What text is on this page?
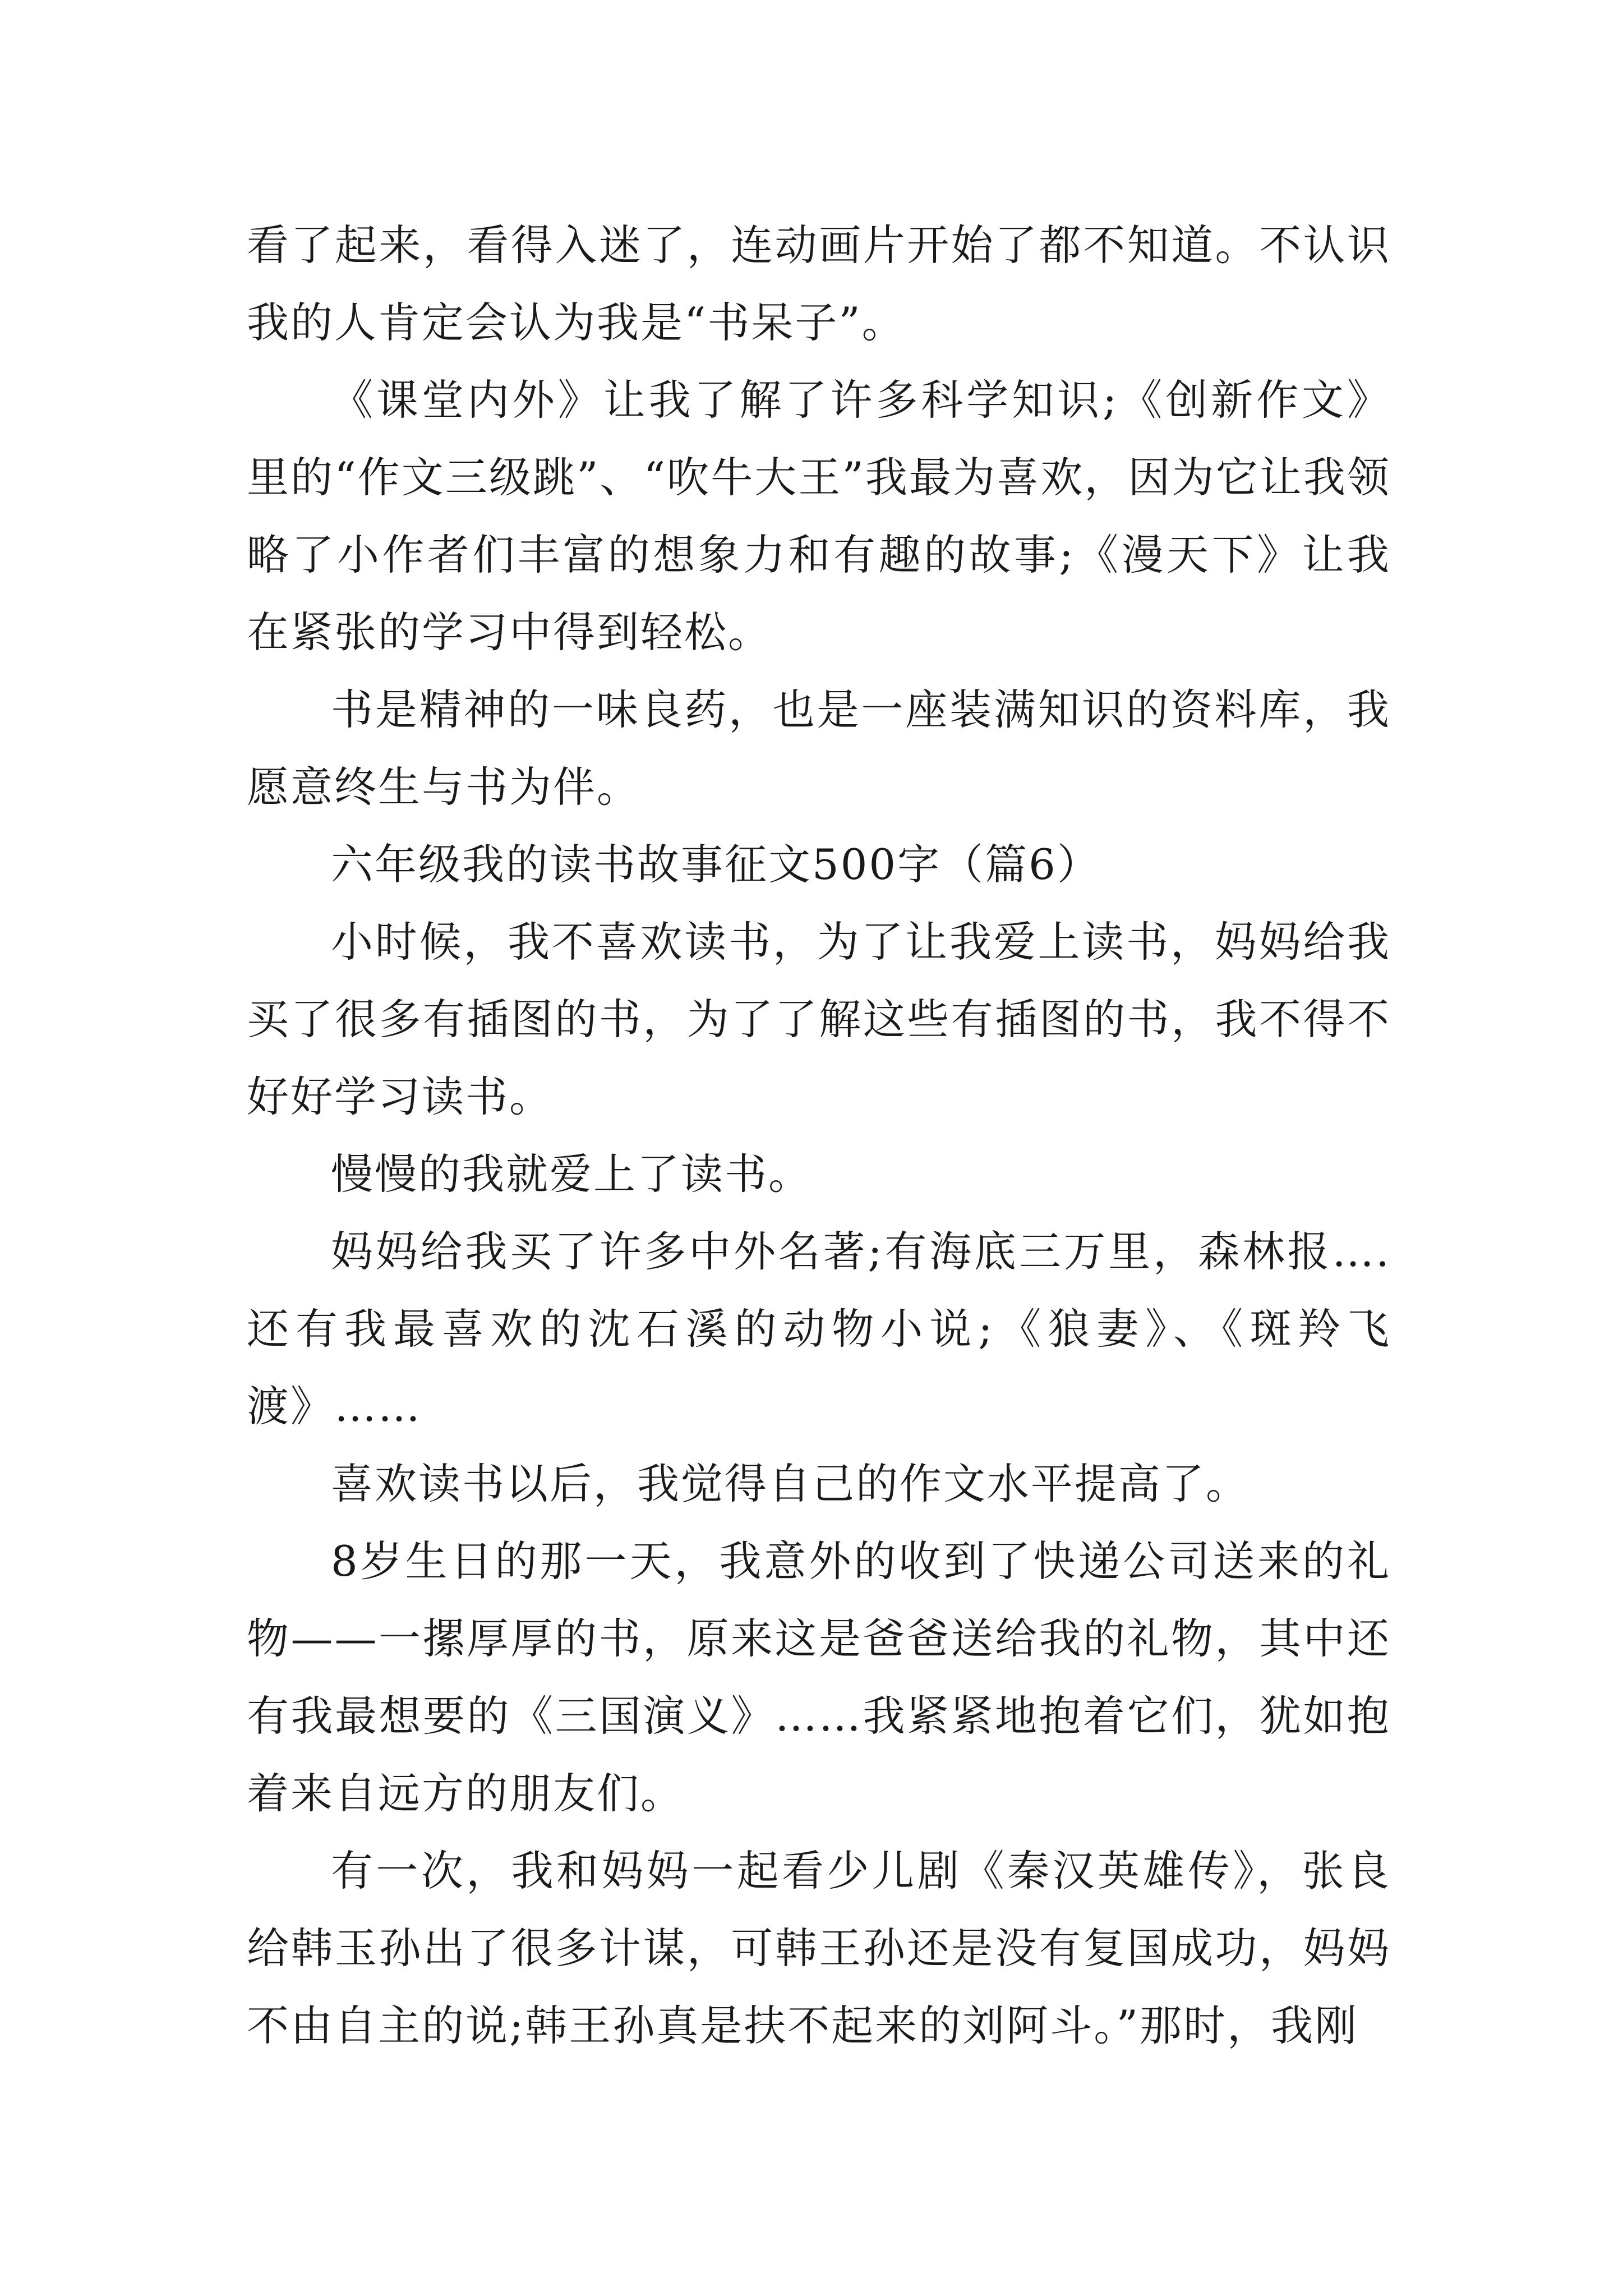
看了起来，看得入迷了，连动画片开始了都不知道。不认识我的人肯定会认为我是“书呆子”。

《课堂内外》让我了解了许多科学知识;《创新作文》里的“作文三级跳”、“吹牛大王”我最为喜欢，因为它让我领略了小作者们丰富的想象力和有趣的故事;《漫天下》让我在紧张的学习中得到轻松。

书是精神的一味良药，也是一座装满知识的资料库，我愿意终生与书为伴。

六年级我的读书故事征文500字（篇6）

小时候，我不喜欢读书，为了让我爱上读书，妈妈给我买了很多有插图的书，为了了解这些有插图的书，我不得不好好学习读书。

慢慢的我就爱上了读书。

妈妈给我买了许多中外名著;有海底三万里，森林报….还有我最喜欢的沈石溪的动物小说;《狼妻》、《斑羚飞渡》……

喜欢读书以后，我觉得自己的作文水平提高了。

8岁生日的那一天，我意外的收到了快递公司送来的礼物——一摞厚厚的书，原来这是爸爸送给我的礼物，其中还有我最想要的《三国演义》……我紧紧地抱着它们，犹如抱着来自远方的朋友们。

有一次，我和妈妈一起看少儿剧《秦汉英雄传》，张良给韩玉孙出了很多计谋，可韩王孙还是没有复国成功，妈妈不由自主的说;韩王孙真是扶不起来的刘阿斗。”那时，我刚
